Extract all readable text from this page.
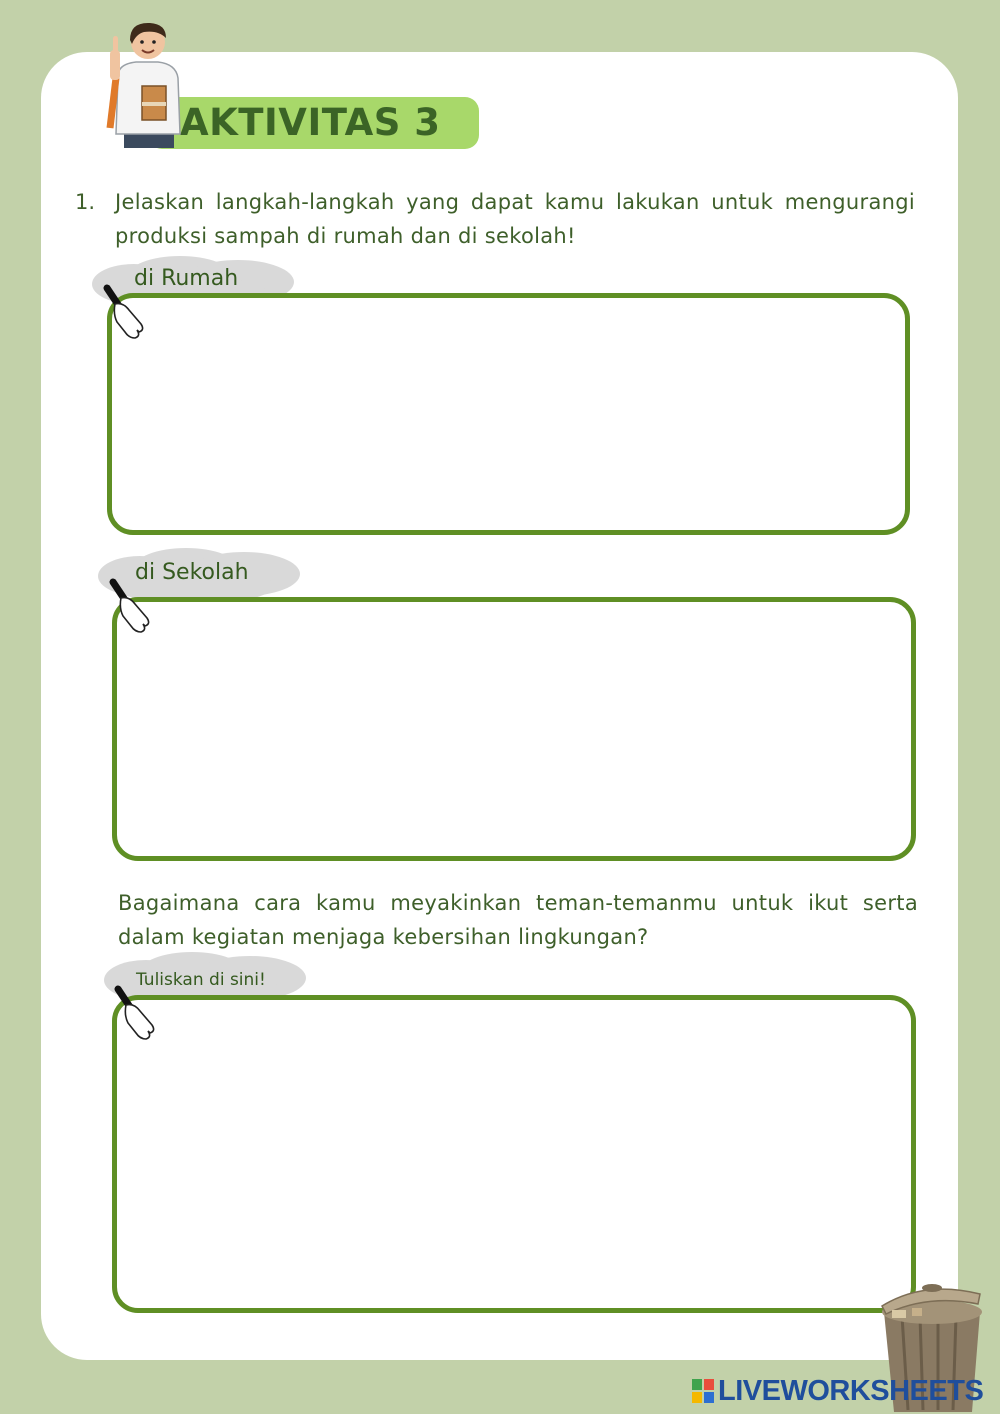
AKTIVITAS 3
1. Jelaskan langkah-langkah yang dapat kamu lakukan untuk mengurangi produksi sampah di rumah dan di sekolah!
di Rumah
di Sekolah
Bagaimana cara kamu meyakinkan teman-temanmu untuk ikut serta dalam kegiatan menjaga kebersihan lingkungan?
Tuliskan di sini!
LIVEWORKSHEETS
